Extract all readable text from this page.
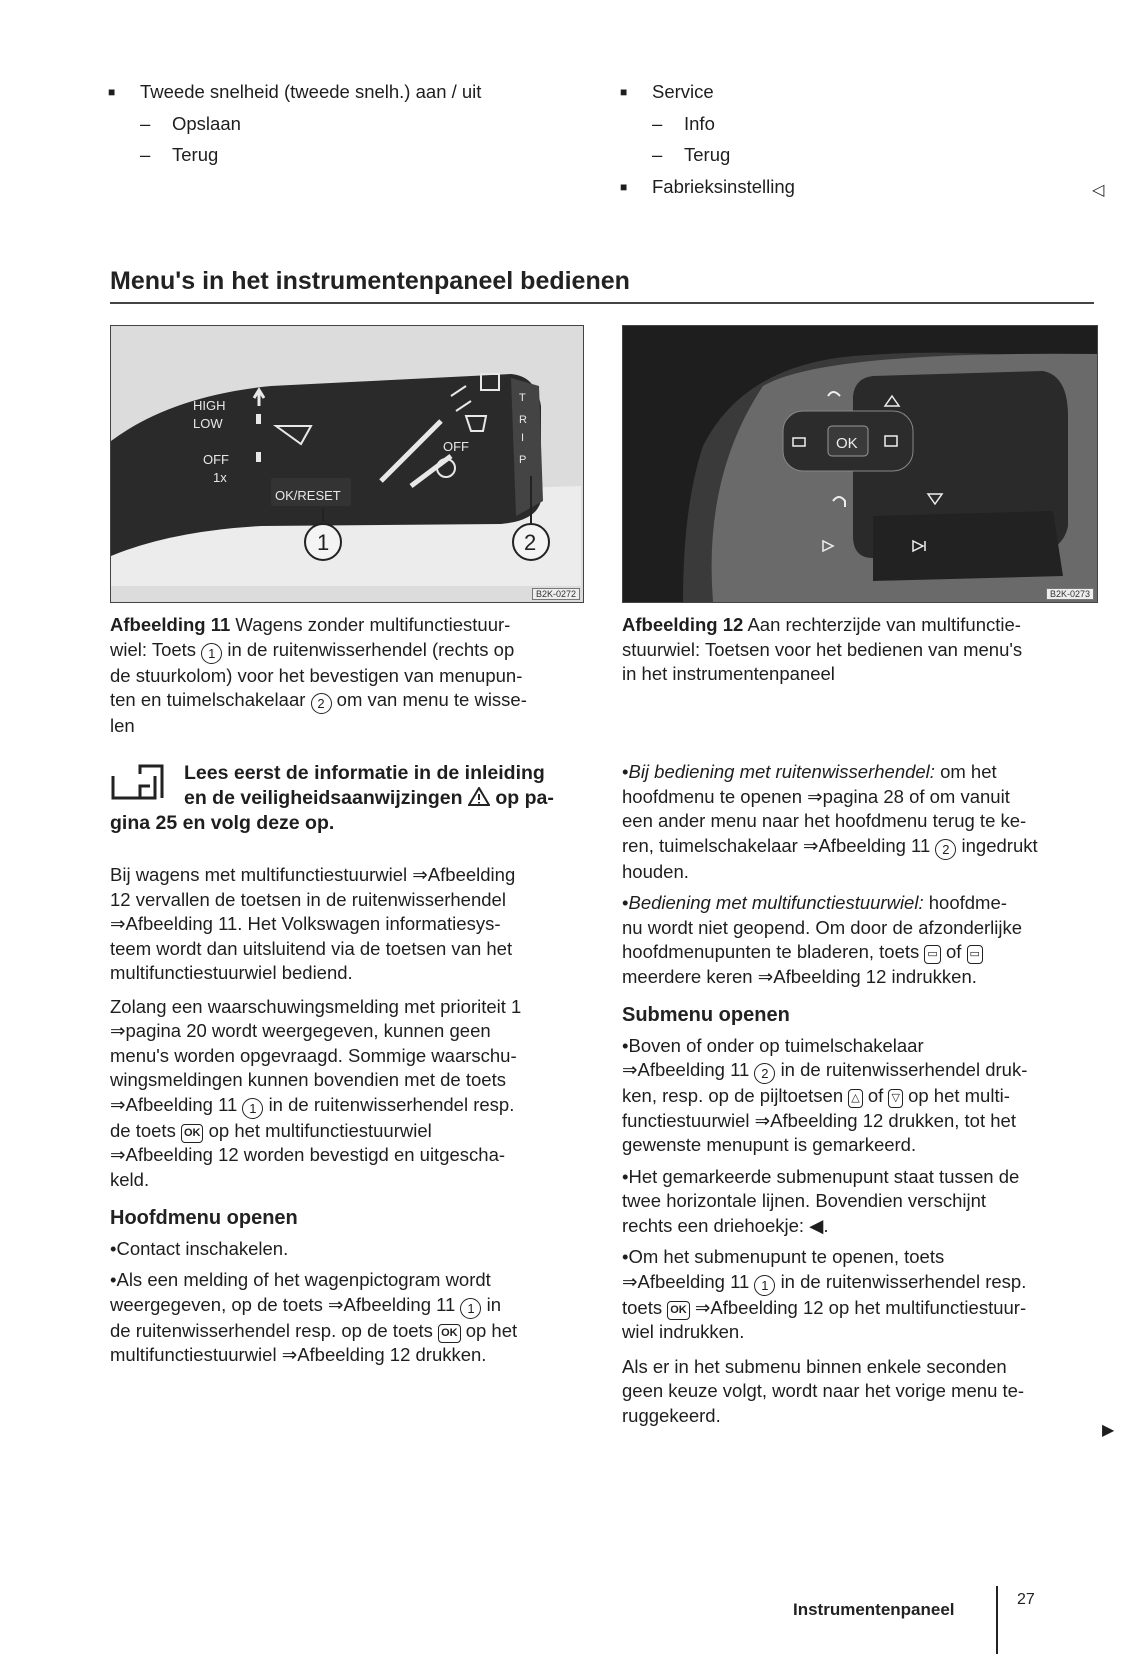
■ Tweede snelheid (tweede snelh.) aan / uit
– Opslaan
– Terug
■ Service
– Info
– Terug
■ Fabrieksinstelling	◁
Menu's in het instrumentenpaneel bedienen
HIGH
LOW
OFF
1x
OFF
T
R
I
P
OK/RESET
1	2
B2K-0272
Afbeelding 11 Wagens zonder multifunctiestuur-
wiel: Toets 1 in de ruitenwisserhendel (rechts op
de stuurkolom) voor het bevestigen van menupun-
ten en tuimelschakelaar 2 om van menu te wisse-
len
OK
B2K-0273
Afbeelding 12 Aan rechterzijde van multifunctie-
stuurwiel: Toetsen voor het bedienen van menu's
in het instrumentenpaneel
Lees eerst de informatie in de inleiding
en de veiligheidsaanwijzingen op pa-
gina 25 en volg deze op.

Bij wagens met multifunctiestuurwiel ⇒Afbeelding
12 vervallen de toetsen in de ruitenwisserhendel
⇒Afbeelding 11. Het Volkswagen informatiesys-
teem wordt dan uitsluitend via de toetsen van het
multifunctiestuurwiel bediend.

Zolang een waarschuwingsmelding met prioriteit 1
⇒pagina 20 wordt weergegeven, kunnen geen
menu's worden opgevraagd. Sommige waarschu-
wingsmeldingen kunnen bovendien met de toets
⇒Afbeelding 11 1 in de ruitenwisserhendel resp.
de toets OK op het multifunctiestuurwiel
⇒Afbeelding 12 worden bevestigd en uitgescha-
keld.

Hoofdmenu openen

•Contact inschakelen.

•Als een melding of het wagenpictogram wordt
weergegeven, op de toets ⇒Afbeelding 11 1 in
de ruitenwisserhendel resp. op de toets OK op het
multifunctiestuurwiel ⇒Afbeelding 12 drukken.

•Bij bediening met ruitenwisserhendel: om het
hoofdmenu te openen ⇒pagina 28 of om vanuit
een ander menu naar het hoofdmenu terug te ke-
ren, tuimelschakelaar ⇒Afbeelding 11 2 ingedrukt
houden.

•Bediening met multifunctiestuurwiel: hoofdme-
nu wordt niet geopend. Om door de afzonderlijke
hoofdmenupunten te bladeren, toets ▭ of ▭
meerdere keren ⇒Afbeelding 12 indrukken.

Submenu openen

•Boven of onder op tuimelschakelaar
⇒Afbeelding 11 2 in de ruitenwisserhendel druk-
ken, resp. op de pijltoetsen △ of ▽ op het multi-
functiestuurwiel ⇒Afbeelding 12 drukken, tot het
gewenste menupunt is gemarkeerd.

•Het gemarkeerde submenupunt staat tussen de
twee horizontale lijnen. Bovendien verschijnt
rechts een driehoekje: ◀.

•Om het submenupunt te openen, toets
⇒Afbeelding 11 1 in de ruitenwisserhendel resp.
toets OK ⇒Afbeelding 12 op het multifunctiestuur-
wiel indrukken.

Als er in het submenu binnen enkele seconden
geen keuze volgt, wordt naar het vorige menu te-
ruggekeerd.

▶
Instrumentenpaneel
27
